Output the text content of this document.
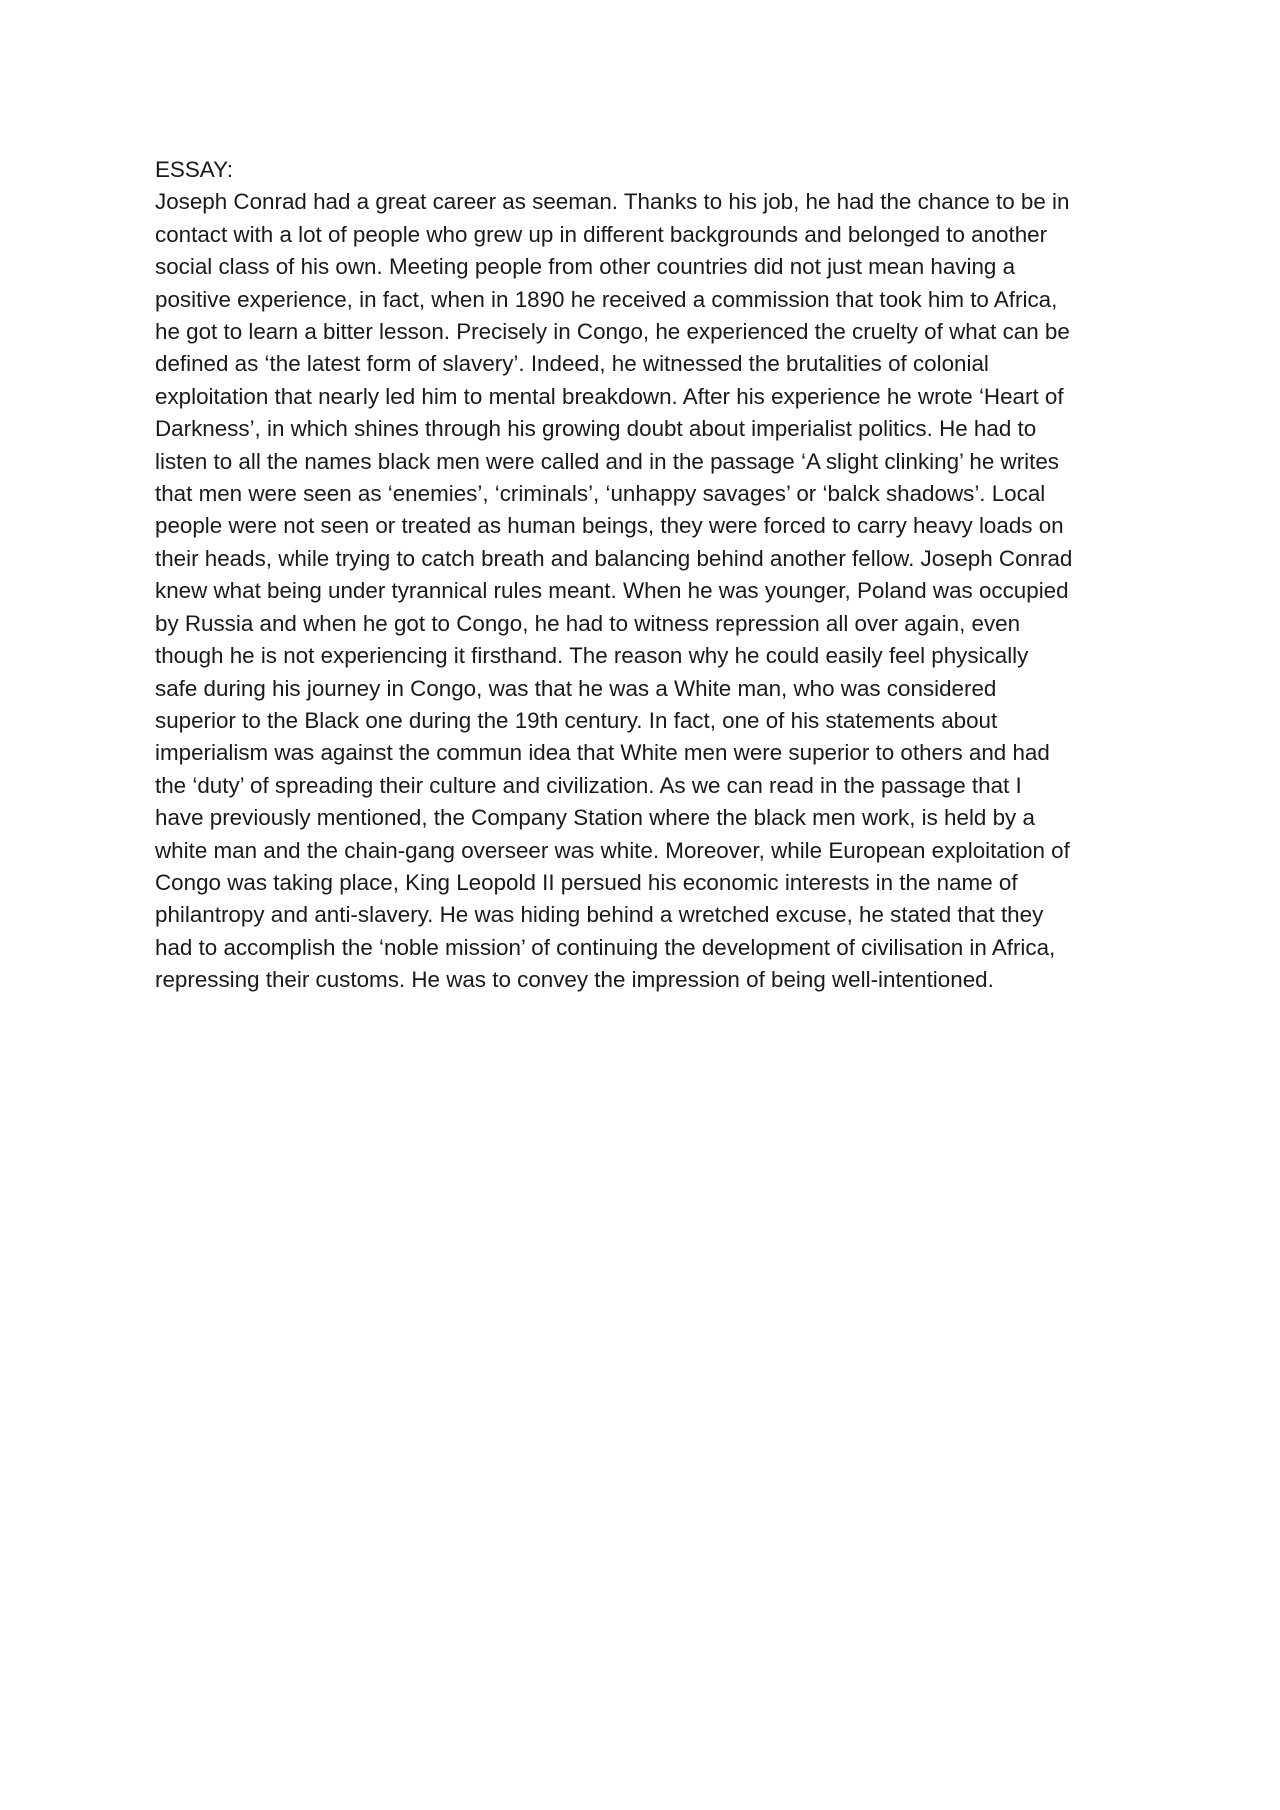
ESSAY:
Joseph Conrad had a great career as seeman. Thanks to his job, he had the chance to be in
contact with a lot of people who grew up in different backgrounds and belonged to another
social class of his own. Meeting people from other countries did not just mean having a
positive experience, in fact, when in 1890 he received a commission that took him to Africa,
he got to learn a bitter lesson. Precisely in Congo, he experienced the cruelty of what can be
defined as ‘the latest form of slavery’. Indeed, he witnessed the brutalities of colonial
exploitation that nearly led him to mental breakdown. After his experience he wrote ‘Heart of
Darkness’, in which shines through his growing doubt about imperialist politics. He had to
listen to all the names black men were called and in the passage ‘A slight clinking’ he writes
that men were seen as ‘enemies’, ‘criminals’, ‘unhappy savages’ or ‘balck shadows’. Local
people were not seen or treated as human beings, they were forced to carry heavy loads on
their heads, while trying to catch breath and balancing behind another fellow. Joseph Conrad
knew what being under tyrannical rules meant. When he was younger, Poland was occupied
by Russia and when he got to Congo, he had to witness repression all over again, even
though he is not experiencing it firsthand. The reason why he could easily feel physically
safe during his journey in Congo, was that he was a White man, who was considered
superior to the Black one during the 19th century. In fact, one of his statements about
imperialism was against the commun idea that White men were superior to others and had
the ‘duty’ of spreading their culture and civilization. As we can read in the passage that I
have previously mentioned, the Company Station where the black men work, is held by a
white man and the chain-gang overseer was white. Moreover, while European exploitation of
Congo was taking place, King Leopold II persued his economic interests in the name of
philantropy and anti-slavery. He was hiding behind a wretched excuse, he stated that they
had to accomplish the ‘noble mission’ of continuing the development of civilisation in Africa,
repressing their customs. He was to convey the impression of being well-intentioned.
